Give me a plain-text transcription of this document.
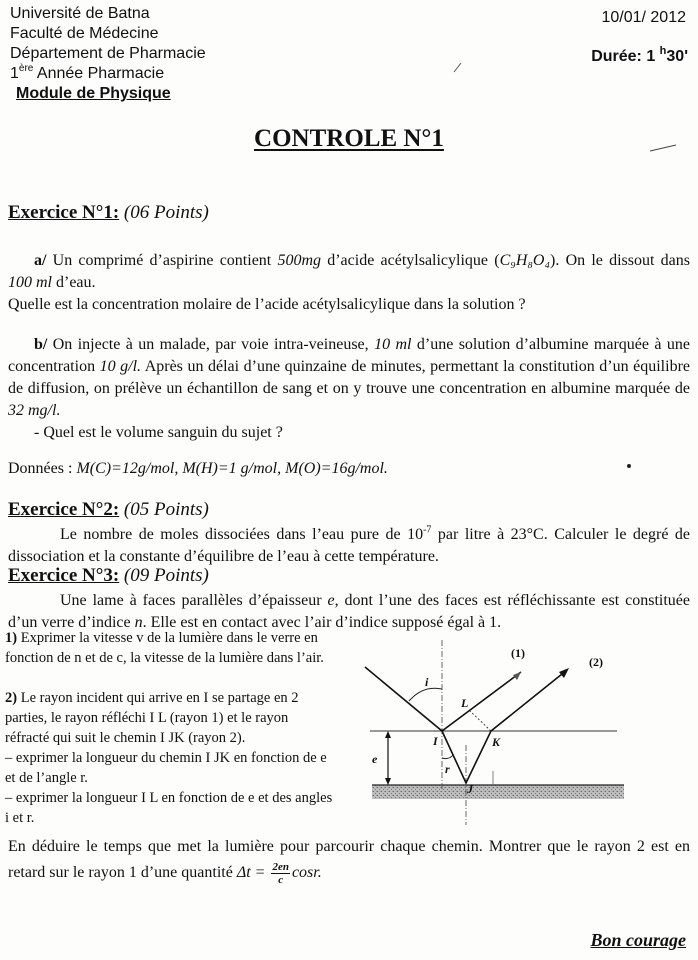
Université de Batna
Faculté de Médecine
Département de Pharmacie
1ère Année Pharmacie
Module de Physique
10/01/ 2012
Durée: 1 $^h$30'
CONTROLE N°1
Exercice N°1: (06 Points)
a/ Un comprimé d’aspirine contient 500mg d’acide acétylsalicylique (C₉H₈O₄). On le dissout dans 100 ml d’eau.
Quelle est la concentration molaire de l’acide acétylsalicylique dans la solution ?
b/ On injecte à un malade, par voie intra-veineuse, 10 ml d’une solution d’albumine marquée à une concentration 10 g/l. Après un délai d’une quinzaine de minutes, permettant la constitution d’un équilibre de diffusion, on prélève un échantillon de sang et on y trouve une concentration en albumine marquée de 32 mg/l.
- Quel est le volume sanguin du sujet ?
Données : M(C)=12g/mol, M(H)=1 g/mol, M(O)=16g/mol.
Exercice N°2: (05 Points)
Le nombre de moles dissociées dans l’eau pure de $10^{-7}$ par litre à 23°C. Calculer le degré de dissociation et la constante d’équilibre de l’eau à cette température.
Exercice N°3: (09 Points)
Une lame à faces parallèles d’épaisseur e, dont l’une des faces est réfléchissante est constituée d’un verre d’indice n. Elle est en contact avec l’air d’indice supposé égal à 1.
1) Exprimer la vitesse v de la lumière dans le verre en fonction de n et de c, la vitesse de la lumière dans l’air.
2) Le rayon incident qui arrive en I se partage en 2 parties, le rayon réfléchi I L (rayon 1) et le rayon réfracté qui suit le chemin I JK (rayon 2).
– exprimer la longueur du chemin I JK en fonction de e et de l’angle r.
– exprimer la longueur I L en fonction de e et des angles i et r.
(1)
(2)
i
L
I	K
r
J
e
En déduire le temps que met la lumière pour parcourir chaque chemin. Montrer que le rayon 2 est en retard sur le rayon 1 d’une quantité $\Delta t = \frac{2en}{c} \cos r$.
Bon courage
